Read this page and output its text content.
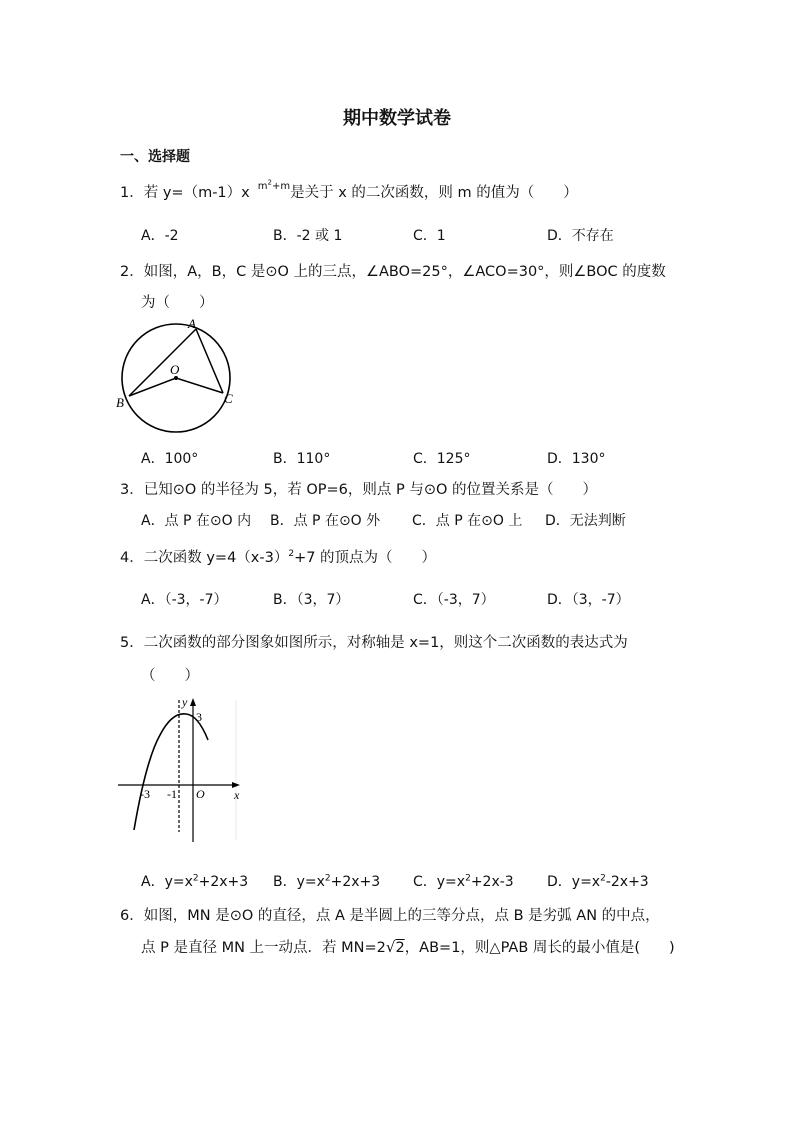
期中数学试卷
一、选择题
1．若 y=（m-1）x $^{m^2+m}$是关于 x 的二次函数，则 m 的值为（　　）
A．-2	B．-2 或 1	C．1	D．不存在
2．如图，A，B，C 是⊙O 上的三点，∠ABO=25°，∠ACO=30°，则∠BOC 的度数
为（　　）
A
B	C
O
A．100°	B．110°	C．125°	D．130°
3．已知⊙O 的半径为 5，若 OP=6，则点 P 与⊙O 的位置关系是（　　）
A．点 P 在⊙O 内 B．点 P 在⊙O 外 C．点 P 在⊙O 上 D．无法判断
4．二次函数 $y=4(x-3)^2+7$ 的顶点为（　　）
A．（-3，-7）	B．（3，7）	C．（-3，7）	D．（3，-7）
5．二次函数的部分图象如图所示，对称轴是 x=1，则这个二次函数的表达式为
（　　）
y
x
3
-3 -1 O
A．$y=x^2+2x+3$ B．$y=x^2+2x+3$ C．$y=x^2+2x-3$ D．$y=x^2-2x+3$
6．如图，MN 是⊙O 的直径，点 A 是半圆上的三等分点，点 B 是劣弧 AN 的中点，
点 P 是直径 MN 上一动点．若 MN=2√2，AB=1，则△PAB 周长的最小值是(　　)
